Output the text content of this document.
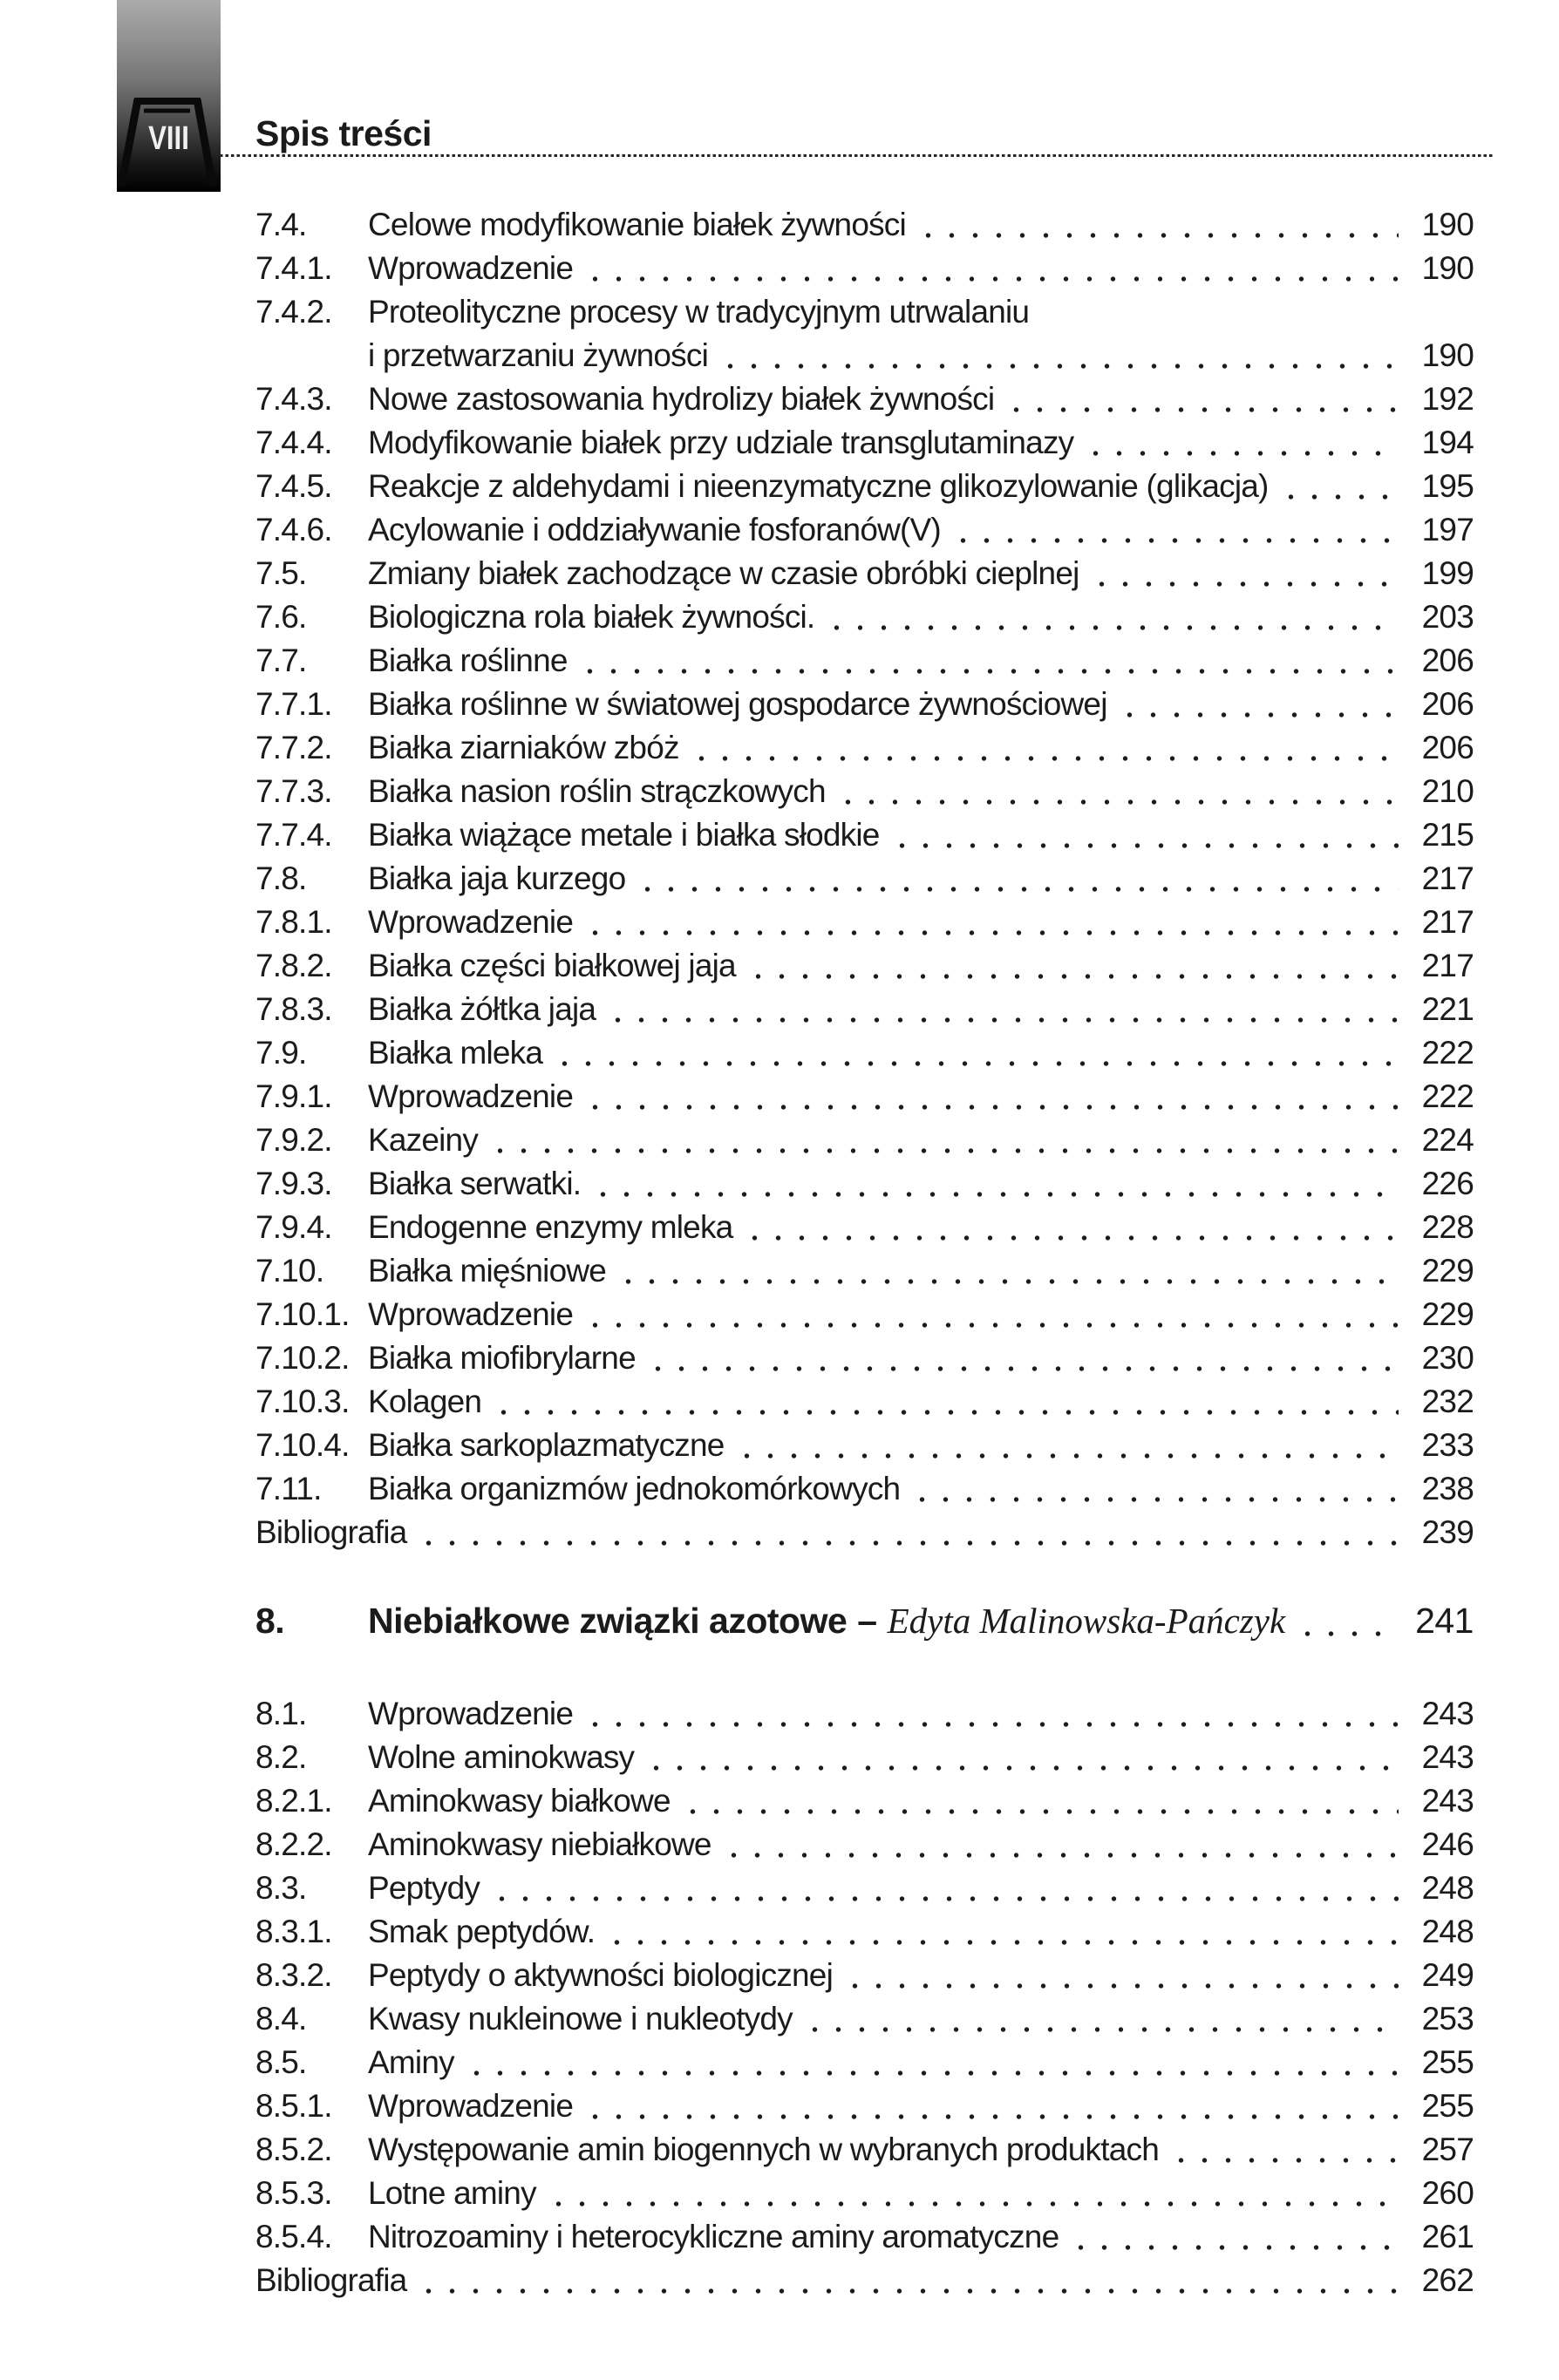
VIII	Spis treści
7.4.	Celowe modyfikowanie białek żywności	190
7.4.1.	Wprowadzenie	190
7.4.2.	Proteolityczne procesy w tradycyjnym utrwalaniu
i przetwarzaniu żywności	190
7.4.3.	Nowe zastosowania hydrolizy białek żywności	192
7.4.4.	Modyfikowanie białek przy udziale transglutaminazy	194
7.4.5.	Reakcje z aldehydami i nieenzymatyczne glikozylowanie (glikacja)	195
7.4.6.	Acylowanie i oddziaływanie fosforanów(V)	197
7.5.	Zmiany białek zachodzące w czasie obróbki cieplnej	199
7.6.	Biologiczna rola białek żywności.	203
7.7.	Białka roślinne	206
7.7.1.	Białka roślinne w światowej gospodarce żywnościowej	206
7.7.2.	Białka ziarniaków zbóż	206
7.7.3.	Białka nasion roślin strączkowych	210
7.7.4.	Białka wiążące metale i białka słodkie	215
7.8.	Białka jaja kurzego	217
7.8.1.	Wprowadzenie	217
7.8.2.	Białka części białkowej jaja	217
7.8.3.	Białka żółtka jaja	221
7.9.	Białka mleka	222
7.9.1.	Wprowadzenie	222
7.9.2.	Kazeiny	224
7.9.3.	Białka serwatki.	226
7.9.4.	Endogenne enzymy mleka	228
7.10.	Białka mięśniowe	229
7.10.1. Wprowadzenie	229
7.10.2. Białka miofibrylarne	230
7.10.3. Kolagen	232
7.10.4. Białka sarkoplazmatyczne	233
7.11.	Białka organizmów jednokomórkowych	238
Bibliografia	239
8.	Niebiałkowe związki azotowe – Edyta Malinowska-Pańczyk	241
8.1.	Wprowadzenie	243
8.2.	Wolne aminokwasy	243
8.2.1.	Aminokwasy białkowe	243
8.2.2.	Aminokwasy niebiałkowe	246
8.3.	Peptydy	248
8.3.1.	Smak peptydów.	248
8.3.2.	Peptydy o aktywności biologicznej	249
8.4.	Kwasy nukleinowe i nukleotydy	253
8.5.	Aminy	255
8.5.1.	Wprowadzenie	255
8.5.2.	Występowanie amin biogennych w wybranych produktach	257
8.5.3.	Lotne aminy	260
8.5.4.	Nitrozoaminy i heterocykliczne aminy aromatyczne	261
Bibliografia	262
